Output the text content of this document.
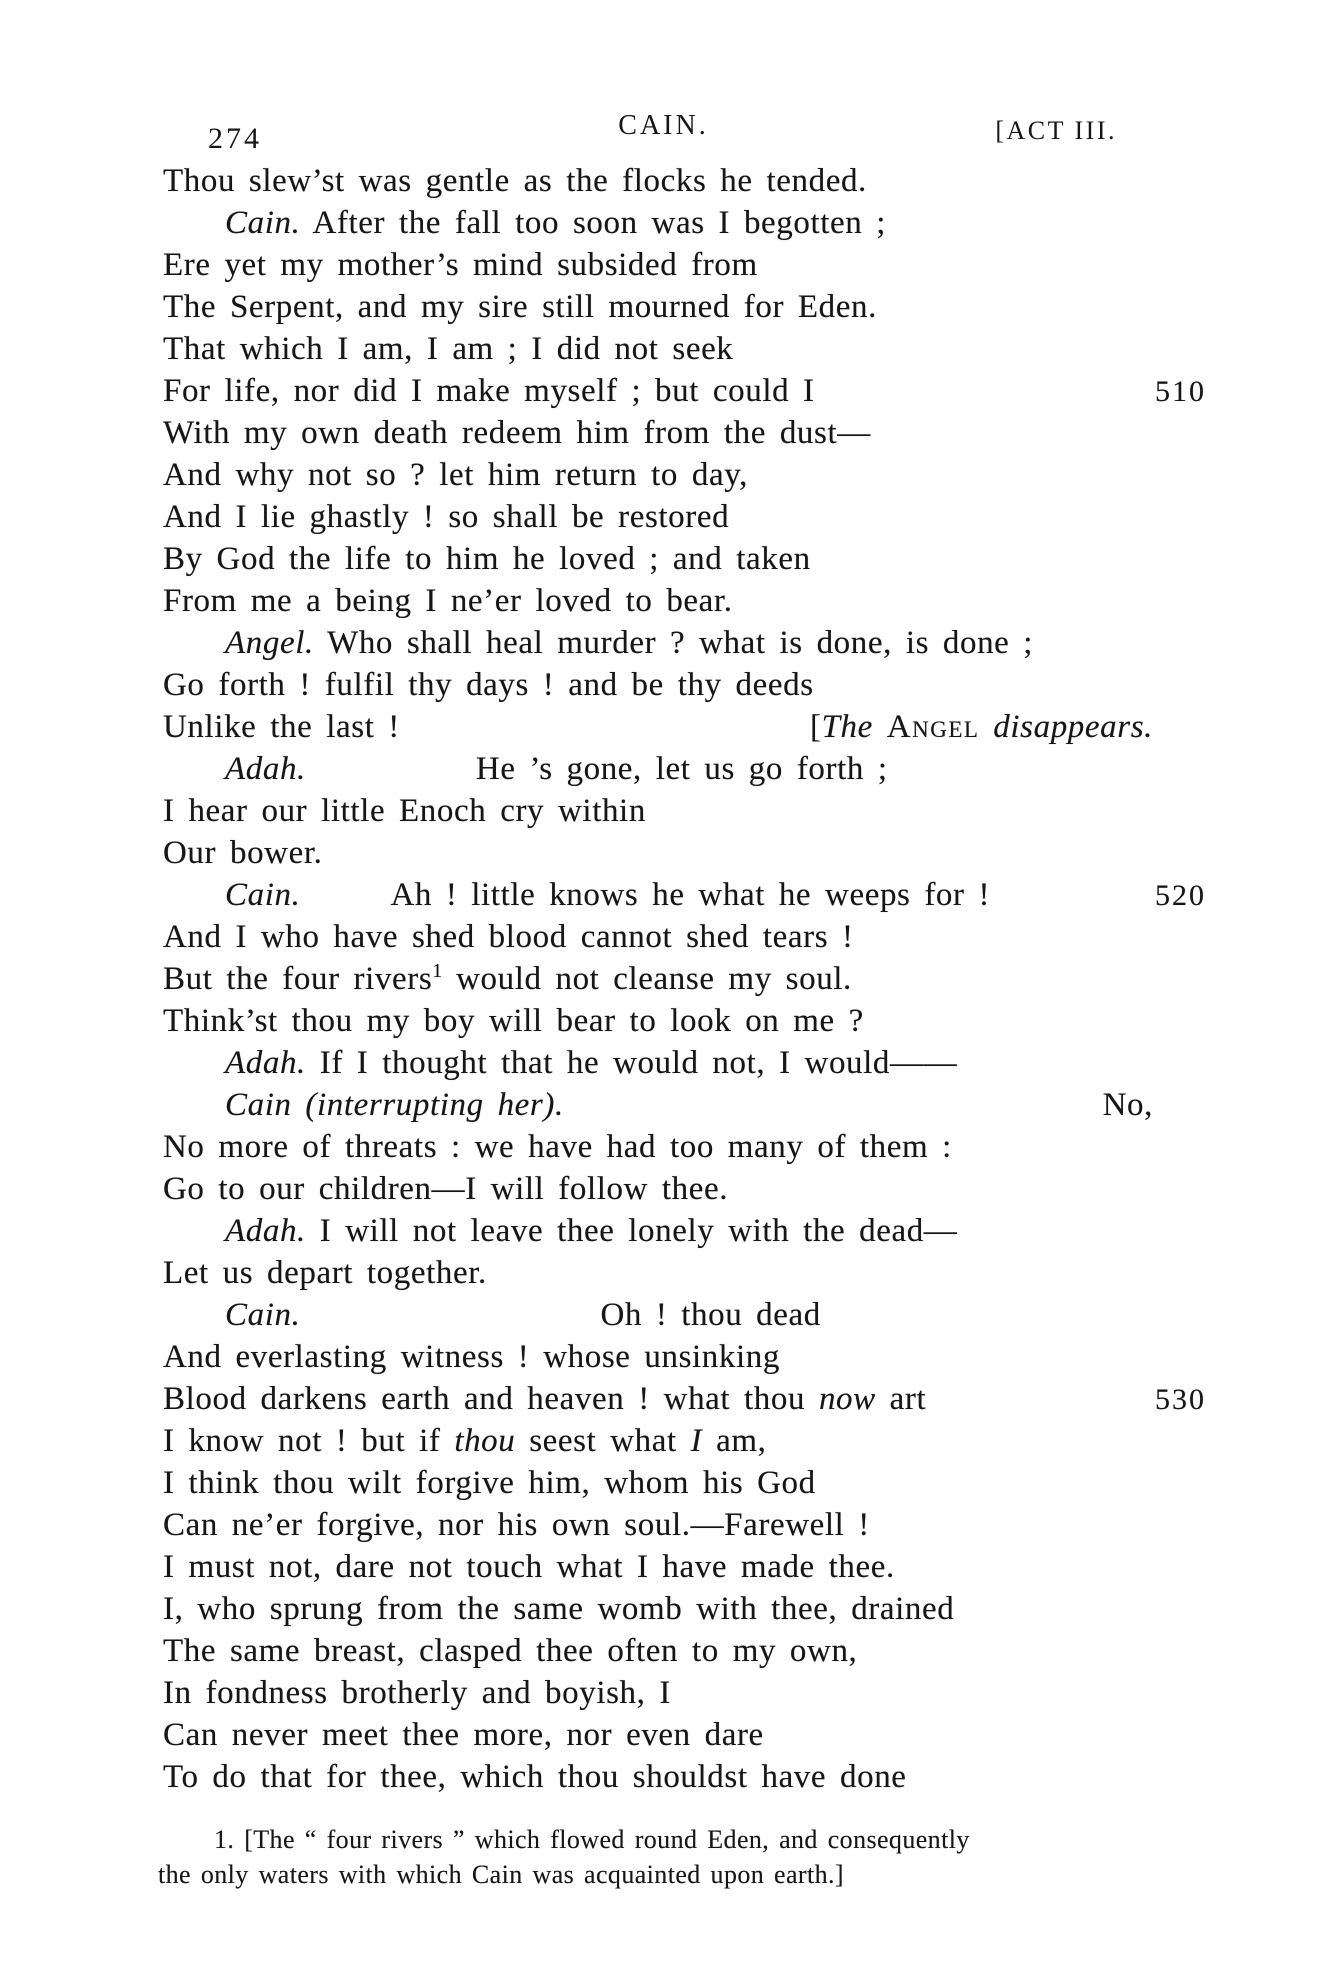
274	CAIN.	[ACT III.
Thou slew’st was gentle as the flocks he tended.
Cain. After the fall too soon was I begotten ;
Ere yet my mother’s mind subsided from
The Serpent, and my sire still mourned for Eden.
That which I am, I am ; I did not seek
For life, nor did I make myself ; but could I	510
With my own death redeem him from the dust—
And why not so ? let him return to day,
And I lie ghastly ! so shall be restored
By God the life to him he loved ; and taken
From me a being I ne’er loved to bear.
Angel. Who shall heal murder ? what is done, is done ;
Go forth ! fulfil thy days ! and be thy deeds
Unlike the last !	[The Angel disappears.
Adah.	He ’s gone, let us go forth ;
I hear our little Enoch cry within
Our bower.
Cain.	Ah ! little knows he what he weeps for !	520
And I who have shed blood cannot shed tears !
But the four rivers$^1$ would not cleanse my soul.
Think’st thou my boy will bear to look on me ?
Adah. If I thought that he would not, I would——
Cain (interrupting her).	No,
No more of threats : we have had too many of them :
Go to our children—I will follow thee.
Adah. I will not leave thee lonely with the dead—
Let us depart together.
Cain.	Oh ! thou dead
And everlasting witness ! whose unsinking
Blood darkens earth and heaven ! what thou now art	530
I know not ! but if thou seest what I am,
I think thou wilt forgive him, whom his God
Can ne’er forgive, nor his own soul.—Farewell !
I must not, dare not touch what I have made thee.
I, who sprung from the same womb with thee, drained
The same breast, clasped thee often to my own,
In fondness brotherly and boyish, I
Can never meet thee more, nor even dare
To do that for thee, which thou shouldst have done
1. [The “ four rivers ” which flowed round Eden, and consequently
the only waters with which Cain was acquainted upon earth.]
